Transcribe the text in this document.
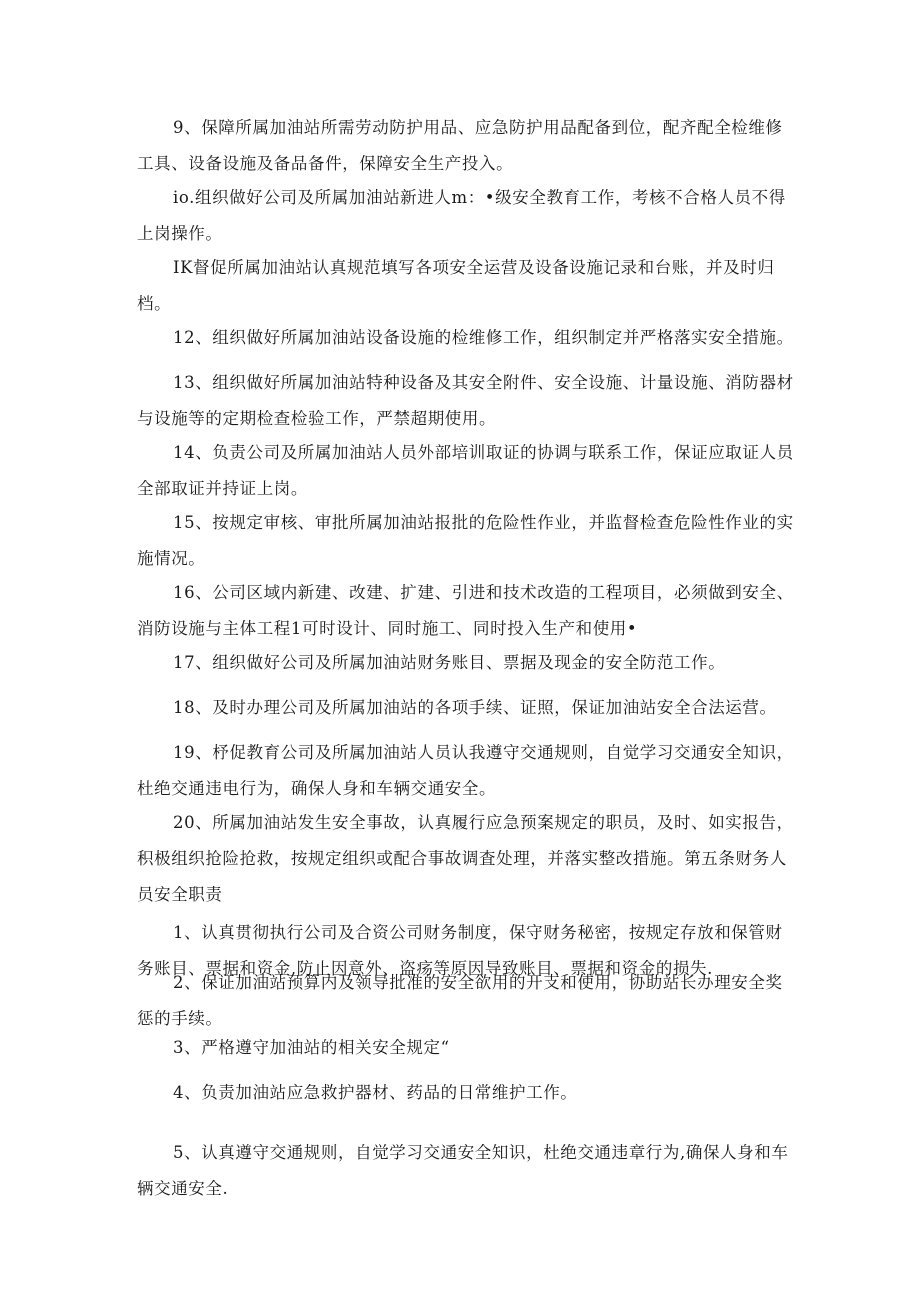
9、保障所属加油站所需劳动防护用品、应急防护用品配备到位，配齐配全检维修
工具、设备设施及备品备件，保障安全生产投入。
io.组织做好公司及所属加油站新进人m：•级安全教育工作，考核不合格人员不得
上岗操作。
IK督促所属加油站认真规范填写各项安全运营及设备设施记录和台账，并及时归
档。
12、组织做好所属加油站设备设施的检维修工作，组织制定并严格落实安全措施。
13、组织做好所属加油站特种设备及其安全附件、安全设施、计量设施、消防器材
与设施等的定期检查检验工作，严禁超期使用。
14、负责公司及所属加油站人员外部培训取证的协调与联系工作，保证应取证人员
全部取证并持证上岗。
15、按规定审核、审批所属加油站报批的危险性作业，并监督检查危险性作业的实
施情况。
16、公司区域内新建、改建、扩建、引进和技术改造的工程项目，必须做到安全、
消防设施与主体工程1可时设计、同时施工、同时投入生产和使用•
17、组织做好公司及所属加油站财务账目、票据及现金的安全防范工作。
18、及时办理公司及所属加油站的各项手续、证照，保证加油站安全合法运营。
19、杼促教育公司及所属加油站人员认我遵守交通规则，自觉学习交通安全知识，
杜绝交通违电行为，确保人身和车辆交通安全。
20、所属加油站发生安全事故，认真履行应急预案规定的职员，及时、如实报告，
积极组织抢险抢救，按规定组织或配合事故调査处理，并落实整改措施。第五条财务人
员安全职责
1、认真贯彻执行公司及合资公司财务制度，保守财务秘密，按规定存放和保管财
务账目、票据和资金,防止因意外、盗疡等原因导致账目、票据和资金的损失.
2、保证加油站预算内及领导批准的安全欲用的开支和使用，协助站长办理安全奖
惩的手续。
3、严格遵守加油站的相关安全规定“
4、负责加油站应急救护器材、药品的日常维护工作。
5、认真遵守交通规则，自觉学习交通安全知识，杜绝交通违章行为,确保人身和车
辆交通安全.
